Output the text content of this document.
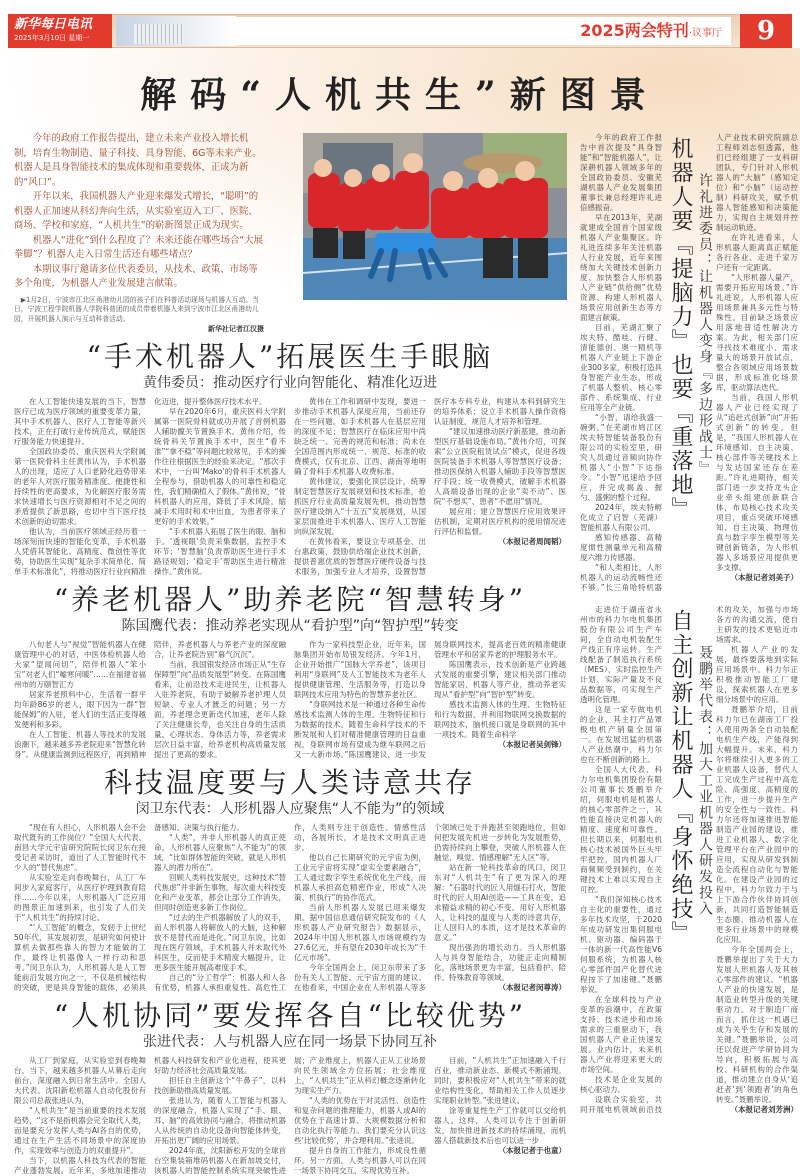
新华每日电讯
2025年3月10日 星期一	2025两会特刊·议事厅	9
解码“人机共生”新图景

今年的政府工作报告提出，建立未来产业投入增长机制，培育生物制造、量子科技、具身智能、6G等未来产业。机器人是具身智能技术的集成体现和重要载体，正成为新的“风口”。

开年以来，我国机器人产业迎来爆发式增长，“聪明”的机器人正加速从科幻奔向生活，从实验室迈入工厂、医院、商场、学校和家庭，“人机共生”的崭新图景正成为现实。

机器人“进化”到什么程度了？未来还能在哪些场合“大展拳脚”？机器人走入日常生活还有哪些堵点？

本期议事厅邀请多位代表委员，从技术、政策、市场等多个角度，为机器人产业发展建言献策。

▶1月2日，宁波市江北区甬港幼儿园的孩子们在科普活动现场与机器人互动。当日，宁波工程学院机器人学院科普团的成员带着机器人来到宁波市江北区甬港幼儿园，开展机器人演示与互动科普活动。
新华社记者江汉摄
“手术机器人”拓展医生手眼脑
黄伟委员：推动医疗行业向智能化、精准化迈进

在人工智能快速发展的当下，智慧医疗已成为医疗领域的重要变革力量，其中手术机器人、医疗人工智能等新兴技术，正在打破行业传统范式，赋能医疗服务能力快速提升。

全国政协委员、重庆医科大学附属第一医院骨科主任黄伟认为，手术机器人的出现，适应了人口老龄化趋势带来的老年人对医疗服务精准度、便捷性和持续性的更高要求，为化解医疗服务需求快速增长与医疗资源相对不足之间的矛盾提供了新思路，也切中当下医疗技术创新的迫切需求。

他认为，当前医疗领域正经历着一场深刻而快速的智能化变革，手术机器人凭借其智能化、高精度、微创性等优势，协助医生实现“复杂手术简单化、简单手术标准化”，将推动医疗行业向精准化迈进，提升整体医疗技术水平。

早在2020年6月，重庆医科大学附属第一医院骨科就成功开展了首例机器人辅助髋关节置换手术。黄伟介绍，传统骨科关节置换手术中，医生“看不准”“拿不稳”等问题比较常见，手术的操作往往根据医生的经验来决定。“那次手术中，一台叫‘Mako’的骨科手术机器人全程参与，借助机器人的可靠性和稳定性，我们精确植入了假体。”黄伟说，“骨科机器人的应用，降低了手术风险，缩减手术用时和术中出血，为患者带来了更好的手术效果。”

“手术机器人拓展了医生的眼、脑和手。‘透视眼’负责采集数据，监控手术环节；‘智慧脑’负责帮助医生进行手术路径规划；‘稳定手’帮助医生进行精准操作。”黄伟说。

黄伟在工作和调研中发现，要进一步推动手术机器人深度应用，当前还存在一些问题。如手术机器人在基层应用的深度不足；智慧医疗在临床应用中尚缺乏统一、完善的规范和标准；尚未在全国范围内形成统一、规范、标准的收费模式，仅有北京、江西、湖南等地明确了骨科手术机器人收费标准。

黄伟建议，要强化顶层设计，统筹制定智慧医疗发展规划和技术标准，抢抓医疗行业高质量发展先机，推动智慧医疗建设纳入“十五五”发展规划，从国家层面推进手术机器人、医疗人工智能向纵深发展。

在黄伟看来，要设立专项基金、出台惠政策，鼓励供给端企业技术创新，提供普惠优质的智慧医疗硬件设备与技术服务，加强专业人才培养，设置智慧医疗本专科专业，构建从本科到研究生的培养体系；设立手术机器人操作资格认证制度，规范人才培养和管理。

“建议加速推动医疗新基建，推动新型医疗基础设施布局。”黄伟介绍，可探索“公立医院租赁试点”模式，促进各级医院装备手术机器人等智慧医疗设备；推动医保纳入机器人辅助手段等智慧医疗手段；统一收费模式，破解手术机器人高端设备出现的企业“卖不动”、医院“不想买”、患者“不愿用”情况。

展应用；建立智慧医疗应用效果评估机制，定期对医疗机构的使用情况进行评估和监督。

（本报记者周闻韬）

“养老机器人”助养老院“智慧转身”
陈国鹰代表：推动养老实现从“看护型”向“智护型”转变

八旬老人与“视觉”智能机器人在健康管理中心的对话，中医体检机器人给大家“望闻问切”，陪伴机器人“笨小宝”对老人们“嘘寒问暖”……在福建省福州市的万颐智汇方

居家养老照料中心，生活着一群平均年龄86岁的老人，眼下因为一群“智能保姆”的入驻，老人们的生活正变得越发便利和多彩。

在人工智能、机器人等技术的发展浪潮下，越来越多养老院迎来“智慧化转身”。从健康监测到远程医疗，再到精神陪伴，养老机器人与养老产业的深度融合，让养老院告别“暮气沉沉”。

当前，我国银发经济市场正从“生存保障型”向“品质发展型”转变。在陈国鹰看来，让前沿技术走进民生，让机器人入驻养老院，有助于破解养老护理人员短缺、专业人才匮乏的问题；另一方面，养老理念更新迭代加速，老年人除了关注健康长寿，也关注自身的生活质量、心理状态、身体活力等，养老需求层次日益丰富，给养老机构高质量发展提出了更高的要求。

作为一家科技型企业，近年来，国脉集团开始布局银发经济。今年1月，企业开始推广“国脉大学养老”，该项目利用“身联网”及人工智能技术为老年人提供健康管理、生活服务等，打造以身联网技术应用为特色的智慧养老社区。

“身联网技术是一种通过各种生命传感技术监测人体的生理、生物特征和行为数据的技术。随着生命科学技术的不断发展和人们对精准健康管理的日益重视，身联网市场有望成为继车联网之后又一大新市场。”陈国鹰建议，进一步发展身联网技术，提高老百姓的精准健康管理水平和居家养老的护理服务水平。

陈国鹰表示，技术创新是产业跨越式发展的重要引擎，建议相关部门推动智能家居、机器人等产业，推动养老实现从“看护型”向“智护型”转变。

感技术监测人体的生理、生物特征和行为数据，并利用物联网交换数据的联网技术，脑机接口就是身联网的其中一项技术。随着生命科学

（本报记者吴剑锋）

科技温度要与人类诗意共存
闵卫东代表：人形机器人应聚焦“人不能为”的领域

“现在有人担心，人形机器人会不会取代既有的工作岗位？”全国人大代表、南昌大学元宇宙研究院院长闵卫东在接受记者采访时，道出了人工智能时代不少人的“替代焦虑”。

从实验室走向春晚舞台，从工厂车间步入家庭客厅，从医疗护理到教育陪伴……今年以来，人形机器人广泛应用的图景正加速到来，也引发了人们关于“人机共生”的持续讨论。

“‘人工智能’的概念，发轫于上世纪50年代，其发展初衷，是研究如何使计算机去做那些靠人的智力才能做的工作，最终让机器像人一样行动和思考。”闵卫东认为，人形机器人是人工智能前沿发展方向之一，不仅是机械结构的突破，更是具身智能的载体，必须具备感知、决策与执行能力。

“人类”，并非人形机器人的真正使命，人形机器人应聚焦“人不能为”的领域，“比如群体智能的突破，就是人形机器人的潜力所在”。

回顾人类科技发展史，这种技术“替代焦虑”并非新生事物，每次重大科技变化和产业变革，都会让部分工作消失，但同时创造更多新工作岗位。

“过去的生产机器解放了人的双手，而人形机器人将解放人的大脑，这种解放不是替代而是进化。”闵卫东说，比如现在医疗领域，手术机器人并未取代外科医生，反而使手术精度大幅提升，让更多医生能开展高难度手术。

自己的“分工哲学”：机器人和人各有优势，机器人承担重复性、高危性工作，人类则专注于创造性、情感性活动，各展所长，才是技术文明真正进步。

他以自己长期研究的元宇宙为例，工业元宇宙将实现“虚实全要素融合”，工人通过数字孪生系统优化生产线，而机器人承担高危精密作业，形成“人决策、机执行”的协作范式。

当前人形机器人发展已迎来爆发期。据中国信息通信研究院发布的《人形机器人产业研究报告》数据显示，2024年中国人形机器人市场规模约为27.6亿元，并有望在2030年成长为“千亿元市场”。

今年全国两会上，闵卫东带来了多份有关人工智能、元宇宙方面的建议。在他看来，中国企业在人形机器人等多个领域已处于并跑甚至领跑地位，但如何把发展先机进一步转化为发展胜势，仍需持续向上攀登，突破人形机器人在触觉、嗅觉、情感理解“无人区”等。

站在新一轮科技革命的风口，闵卫东对“人机共生”有了更为深入的理解：“石器时代的匠人用燧石打火，智能时代的匠人用AI创造——工具在变，追求精益求精的初心不变。用好人形机器人，让科技的温度与人类的诗意共存，让人回归人的本质，这才是技术革命的意义。”

现出强劲的增长动力。当人形机器人与具身智能结合，功能正走向精制化，落地场景更为丰富，包括看护、陪伴、特殊教育等领域。

（本报记者闵尊涛）

“人机协同”要发挥各自“比较优势”
张进代表：人与机器人应在同一场景下协同互补

从工厂到家庭，从实验室到春晚舞台，当下，越来越多机器人从幕后走向前台，深度融入到日常生活中。全国人大代表、沈阳新松机器人自动化股份有限公司总裁张进认为，

“人机共生”是当前重要的技术发展趋势，“这不是指机器会完全取代人类，而是要充分发挥人类与AI各自的优势，通过在生产生活不同场景中的深度协作，实现效率与创造力的双重提升”。

当下，以机器人科技为代表的智能产业蓬勃发展。近年来，多地加速推动机器人科技研发和产业化进程，使其更好助力经济社会高质量发展。

担任自主创新这个“牛鼻子”，以科技创新助推高质量发展。

张进认为，随着人工智能与机器人的深度融合，机器人实现了“手、眼、耳、脑”的高效协同与融合，将推动机器人从传统的自动化设备向智能体转变，开拓出更广阔的应用场景。

2024年底，沈阳新松开发的全球首台空集装箱堆码机器人在新加坡交付，该机器人的智能控制系统实现突破性进展；产业维度上，机器人正从工业场景向民生领域全方位拓展；社会维度上，“人机共生”正从科幻概念逐渐转化为现实生产力。

“人类的优势在于对灵活性、创造性和复杂问题的推理能力，机器人或AI的优势在于高速计算、大规模数据分析和自动化执行等能力。我们要充分认识这些‘比较优势’，并合理利用。”张进说。

提升自身的工作能力，形成良性循环。另一方面，人类与机器人可以在同一场景下协同交互，实现优势互补。

目前，“人机共生”正加速融入千行百业，推动新业态、新模式不断涌现。同时，要积极应对“人机共生”带来的就业结构性变化，帮助相关工作人员逐步实现职业转型。”张进建议。

涂等重复性生产工作就可以交给机器人。这样，人类可以专注于创新研发，加快推进新技术的持续涌现，而机器人搭载新技术后也可以进一步

（本报记者于也童）

今年的政府工作报告中首次提及“具身智能”和“智能机器人”，让深耕机器人领域多年的全国政协委员、安徽芜湖机器人产业发展集团董事长兼总经理许礼进倍感振奋。

早在2013年，芜湖就建成全国首个国家级机器人产业集聚区。许礼进连续多年关注机器人行业发展，近年来围绕加大关键技术创新力度、加快整合人形机器人产业链“供给侧”优势资源、构建人形机器人场景应用创新生态等方面建言献策。

目前，芜湖汇聚了埃夫特、酷哇、行健、清能德创、奥一精机等机器人产业链上下游企业300多家，积极打造具身智能产业生态，形成了机器人整机、核心零部件、系统集成、行业应用等全产业链。

“小智，请给我盛一碗粥。”在芜湖市鸠江区埃夫特智能装备股份有限公司的实验室里，研究人员通过音频向协作机器人“小智”下达指令。“小智”迅速给予回应，并完成揭盖、握勺、盛粥的整个过程。

2024年，埃夫特孵化成立了启智（芜湖）智能机器人有限公司。

感知传感器、高精度惯性测量单元和高精度六维力传感器。

“和人类相比，人形机器人的运动流畅性还不够。”长三角哈特机器人产业技术研究院副总工程师刘志恒透露，他们已经组建了一支科研团队，专门针对人形机器人的“大脑”（感知定位）和“小脑”（运动控制）科研攻关，赋予机器人智能感知和决策能力，实现自主规划并控制运动轨迹。

在许礼进看来，人形机器人距离真正赋能各行各业、走进千家万户还有一定距离。

“人形机器人量产，需要开拓应用场景。”许礼进说，人形机器人应用场景兼具多元性与特殊性。目前缺乏场景应用落地普适性解决方案。为此，相关部门应寻找技术难度小、需求量大的场景开放试点，整合各领域应用场景数据，形成标准化场景库，驱动算法迭代。

当前，我国人形机器人产业已经实现了从“追赶式创新”向“开拓式创新”的转变。但是，“我国人形机器人在环境感知、自主决策、核心部件等关键技术上与发达国家还存在差距。”许礼进期待，相关部门进一步支持龙头企业牵头组建创新联合体，布局核心技术攻关项目，重点突破环境感知、自主决策、物理仿真与数字孪生模型等关键创新链条，为人形机器人多场景应用提供更多支撑。

（本报记者刘美子）

机器人要『提脑力』也要『重落地』 许礼进委员：让机器人变身『多边形战士』

走进位于湖南省永州市的科力尔电机集团股份有限公司生产车间，全自动电机装配生产线正有序运转。生产线配备了制造执行系统（MES），实时监控生产计划、实际产量及不良品数据等，可实现生产透明化管理。

这是一家专做电机的企业，其主打产品罩极电机产销量全国第一。在发展迅猛的机器人产业热潮中，科力尔也在不断创新的路上。

全国人大代表、科力尔电机集团股份有限公司董事长聂鹏举介绍，伺服电机是机器人的核心零部件之一，其性能直接决定机器人的精度、速度和可靠性。但长期以来，伺服电机核心技术被国外巨头牢牢把控，国内机器人厂商频频受到制约，在关键技术上难以实现自主可控。

“我们深知核心技术自主化的重要性，通过多年技术攻坚，于2020年成功研发出集伺服电机、驱动器、编码器于一体的新一代高性能V6伺服系统，为机器人核心零部件国产化替代进程按下了加速键。”聂鹏举说。

在全球科技与产业变革的浪潮中，在政策支持、技术进步和市场需求的三重驱动下，我国机器人产业正快速发展。业内估计，未来机器人产业将迎来更大的市场空间。

技术是企业发展的核心驱动力。

设联合实验室，共同开展电机领域前沿技术的攻关，加强与市场各方的沟通交流，使自主研发的技术更贴近市场需求。

机器人产业的发展，最终要落地到实际应用场景中。科力尔正积极推动智能工厂建设，探索机器人在更多细分场景中的应用。

聂鹏举介绍，目前科力尔已在湖南工厂投入使用两条全自动装配电机生产线，产能得到大幅提升。未来，科力尔将继续引入更多的工业机器人设备，替代人工完成生产过程中高危险、高强度、高精度的工作，进一步提升生产的安全性与一致性。科力尔还将加速推进智能制造产业园的建设，推进工业机器人、数字化管理平台在产业园中的应用，实现从研发到制造全流程自动化与智能化。在建设产业园的过程中，科力尔致力于与上下游合作伙伴协同创新，共同打造智能制造生态圈，推动机器人在更多行业场景中的规模化应用。

今年全国两会上，聂鹏举提出了关于大力发展人形机器人及其核心零部件的建议。“机器人产业的快速发展，是制造业转型升级的关键驱动力。对于制造厂商而言，抓住这一机遇已成为关乎生存和发展的关键。”聂鹏举说，公司还以促进产学研协同为导向，积极拓展与高校、科研机构的合作渠道，推动建立自身从‘追赶者’到‘领跑者’的角色转变。”聂鹏举说。

（本报记者刘芳洲）

自主创新让机器人『身怀绝技』 聂鹏举代表：加大工业机器人研发投入
